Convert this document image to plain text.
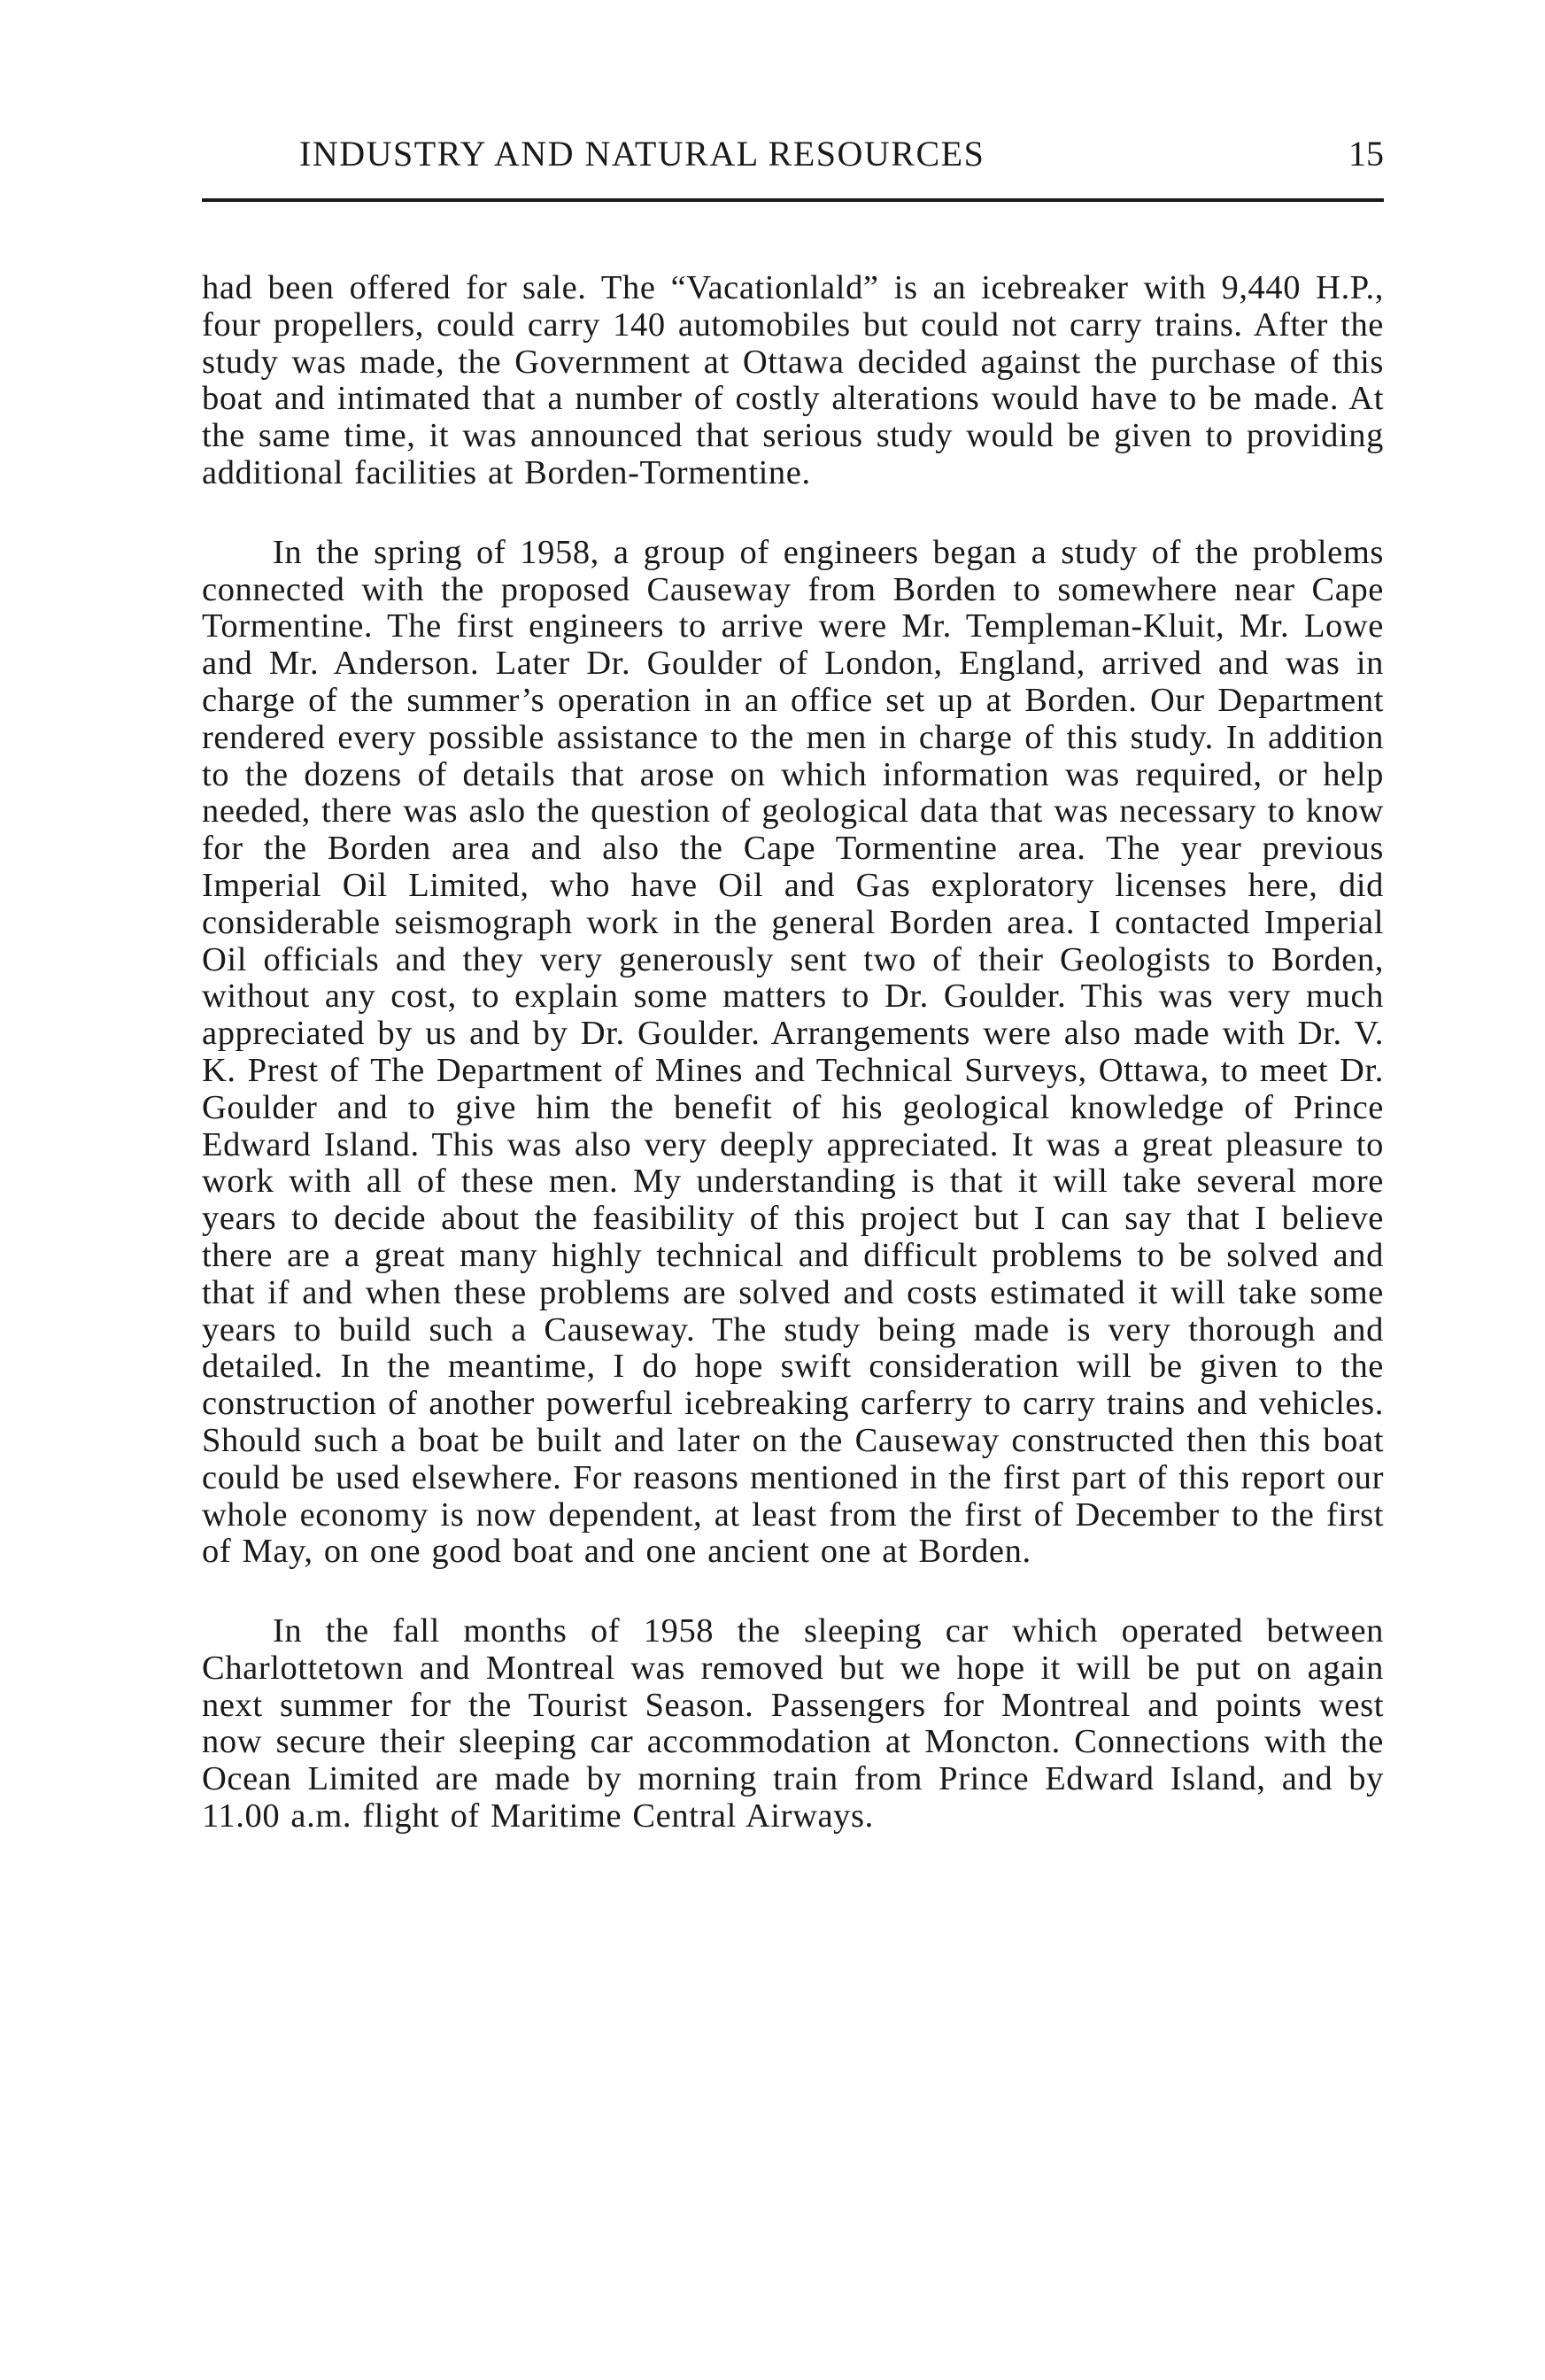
INDUSTRY AND NATURAL RESOURCES	15

had been offered for sale. The “Vacationlald” is an icebreaker with 9,440 H.P., four propellers, could carry 140 automobiles but could not carry trains. After the study was made, the Government at Ottawa decided against the purchase of this boat and intimated that a number of costly alterations would have to be made. At the same time, it was announced that serious study would be given to providing additional facilities at Borden-Tormentine.

In the spring of 1958, a group of engineers began a study of the problems connected with the proposed Causeway from Borden to somewhere near Cape Tormentine. The first engineers to arrive were Mr. Templeman-Kluit, Mr. Lowe and Mr. Anderson. Later Dr. Goulder of London, England, arrived and was in charge of the summer’s operation in an office set up at Borden. Our Department rendered every possible assistance to the men in charge of this study. In addition to the dozens of details that arose on which information was required, or help needed, there was aslo the question of geological data that was necessary to know for the Borden area and also the Cape Tormentine area. The year previous Imperial Oil Limited, who have Oil and Gas exploratory licenses here, did considerable seismograph work in the general Borden area. I contacted Imperial Oil officials and they very generously sent two of their Geologists to Borden, without any cost, to explain some matters to Dr. Goulder. This was very much appreciated by us and by Dr. Goulder. Arrangements were also made with Dr. V. K. Prest of The Department of Mines and Technical Surveys, Ottawa, to meet Dr. Goulder and to give him the benefit of his geological knowledge of Prince Edward Island. This was also very deeply appreciated. It was a great pleasure to work with all of these men. My understanding is that it will take several more years to decide about the feasibility of this project but I can say that I believe there are a great many highly technical and difficult problems to be solved and that if and when these problems are solved and costs estimated it will take some years to build such a Causeway. The study being made is very thorough and detailed. In the meantime, I do hope swift consideration will be given to the construction of another powerful icebreaking carferry to carry trains and vehicles. Should such a boat be built and later on the Causeway constructed then this boat could be used elsewhere. For reasons mentioned in the first part of this report our whole economy is now dependent, at least from the first of December to the first of May, on one good boat and one ancient one at Borden.

In the fall months of 1958 the sleeping car which operated between Charlottetown and Montreal was removed but we hope it will be put on again next summer for the Tourist Season. Passengers for Montreal and points west now secure their sleeping car accommodation at Moncton. Connections with the Ocean Limited are made by morning train from Prince Edward Island, and by 11.00 a.m. flight of Maritime Central Airways.
